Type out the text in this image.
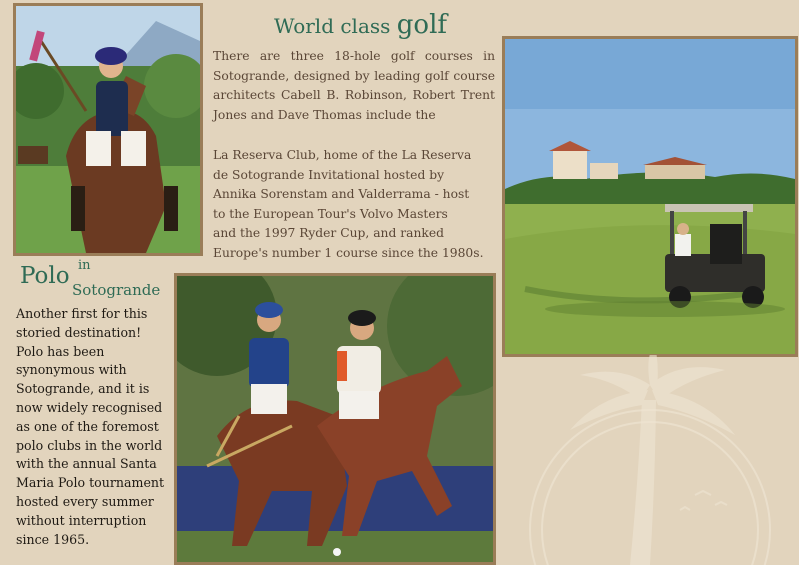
World class golf

There are three 18-hole golf courses in Sotogrande, designed by leading golf course architects Cabell B. Robinson, Robert Trent Jones and Dave Thomas include the

La Reserva Club, home of the La Reserva
de Sotogrande Invitational hosted by
Annika Sorenstam and Valderrama - host
to the European Tour's Volvo Masters
and the 1997 Ryder Cup, and ranked
Europe's number 1 course since the 1980s.

Polo in
Sotogrande

Another first for this
storied destination!
Polo has been
synonymous with
Sotogrande, and it is
now widely recognised
as one of the foremost
polo clubs in the world
with the annual Santa
Maria Polo tournament
hosted every summer
without interruption
since 1965.
